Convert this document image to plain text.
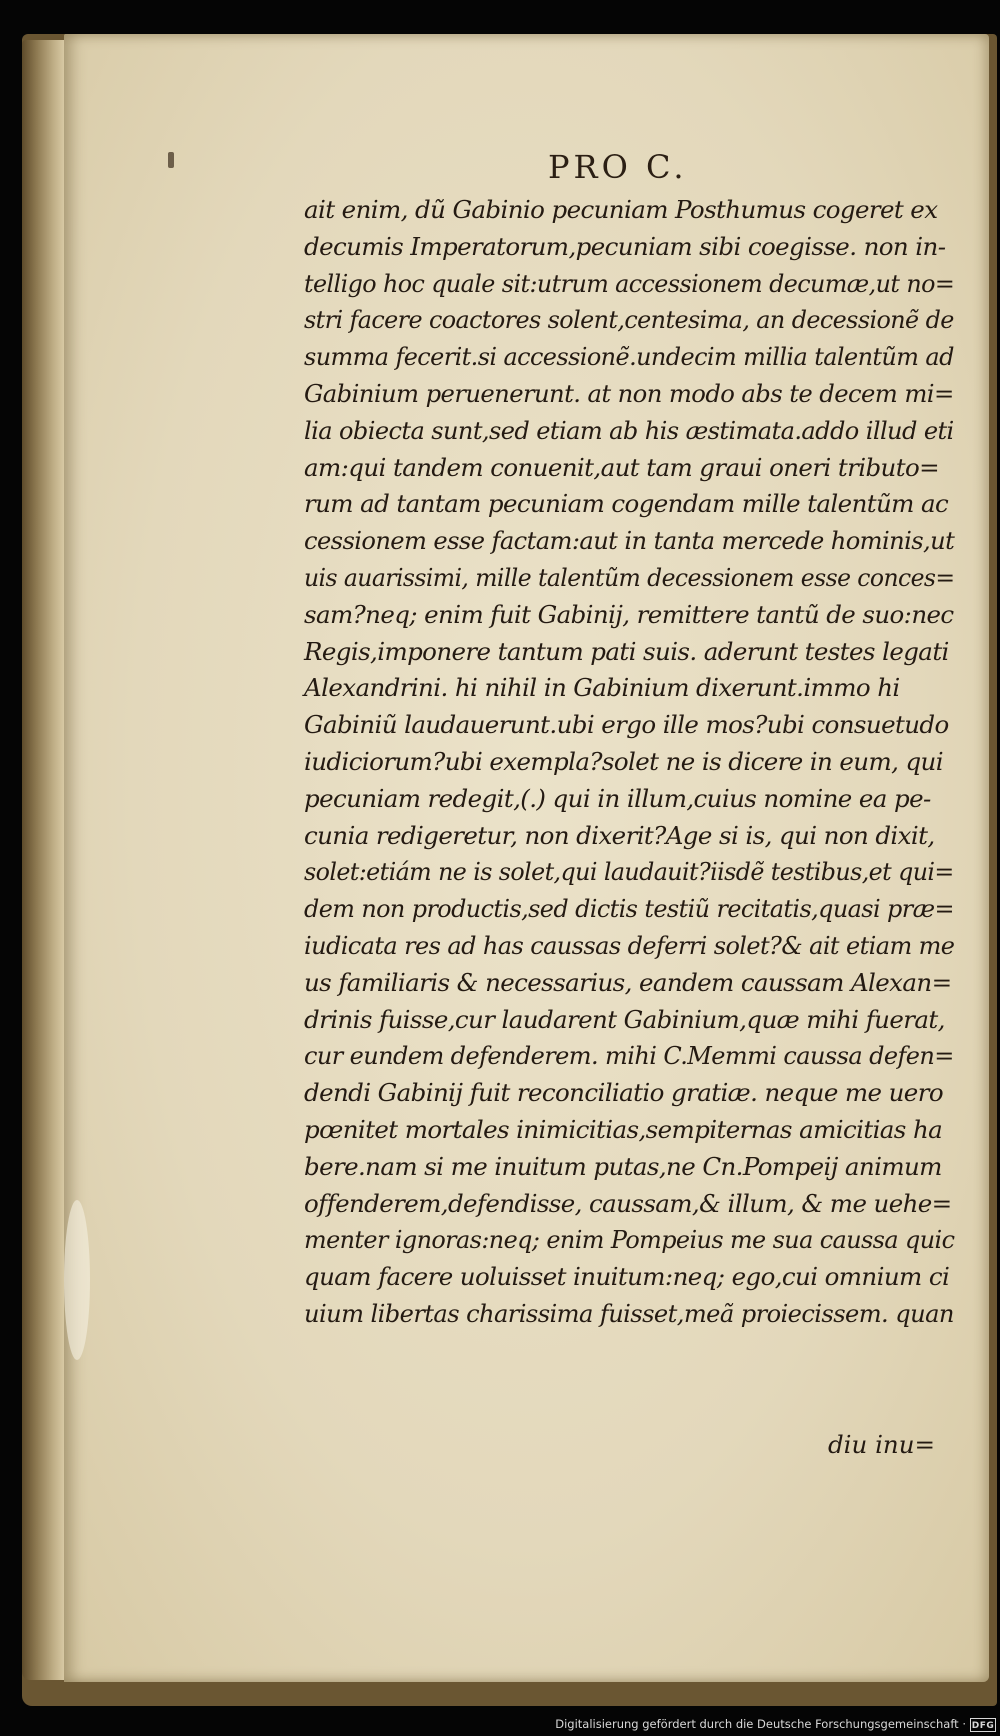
PRO C.
ait enim, dũ Gabinio pecuniam Posthumus cogeret ex
decumis Imperatorum,pecuniam sibi coegisse. non in-
telligo hoc quale sit:utrum accessionem decumæ,ut no=
stri facere coactores solent,centesima, an decessionẽ de
summa fecerit.si accessionẽ.undecim millia talentũm ad
Gabinium peruenerunt. at non modo abs te decem mi=
lia obiecta sunt,sed etiam ab his æstimata.addo illud eti
am:qui tandem conuenit,aut tam graui oneri tributo=
rum ad tantam pecuniam cogendam mille talentũm ac
cessionem esse factam:aut in tanta mercede hominis,ut
uis auarissimi, mille talentũm decessionem esse conces=
sam?neq; enim fuit Gabinij, remittere tantũ de suo:nec
Regis,imponere tantum pati suis. aderunt testes legati
Alexandrini. hi nihil in Gabinium dixerunt.immo hi
Gabiniũ laudauerunt.ubi ergo ille mos?ubi consuetudo
iudiciorum?ubi exempla?solet ne is dicere in eum, qui
pecuniam redegit,(.) qui in illum,cuius nomine ea pe-
cunia redigeretur, non dixerit?Age si is, qui non dixit,
solet:etiám ne is solet,qui laudauit?iisdẽ testibus,et qui=
dem non productis,sed dictis testiũ recitatis,quasi præ=
iudicata res ad has caussas deferri solet?& ait etiam me
us familiaris & necessarius, eandem caussam Alexan=
drinis fuisse,cur laudarent Gabinium,quæ mihi fuerat,
cur eundem defenderem. mihi C.Memmi caussa defen=
dendi Gabinij fuit reconciliatio gratiæ. neque me uero
pœnitet mortales inimicitias,sempiternas amicitias ha
bere.nam si me inuitum putas,ne Cn.Pompeij animum
offenderem,defendisse, caussam,& illum, & me uehe=
menter ignoras:neq; enim Pompeius me sua caussa quic
quam facere uoluisset inuitum:neq; ego,cui omnium ci
uium libertas charissima fuisset,meã proiecissem. quan
diu inu=
Digitalisierung gefördert durch die Deutsche Forschungsgemeinschaft · DFG
